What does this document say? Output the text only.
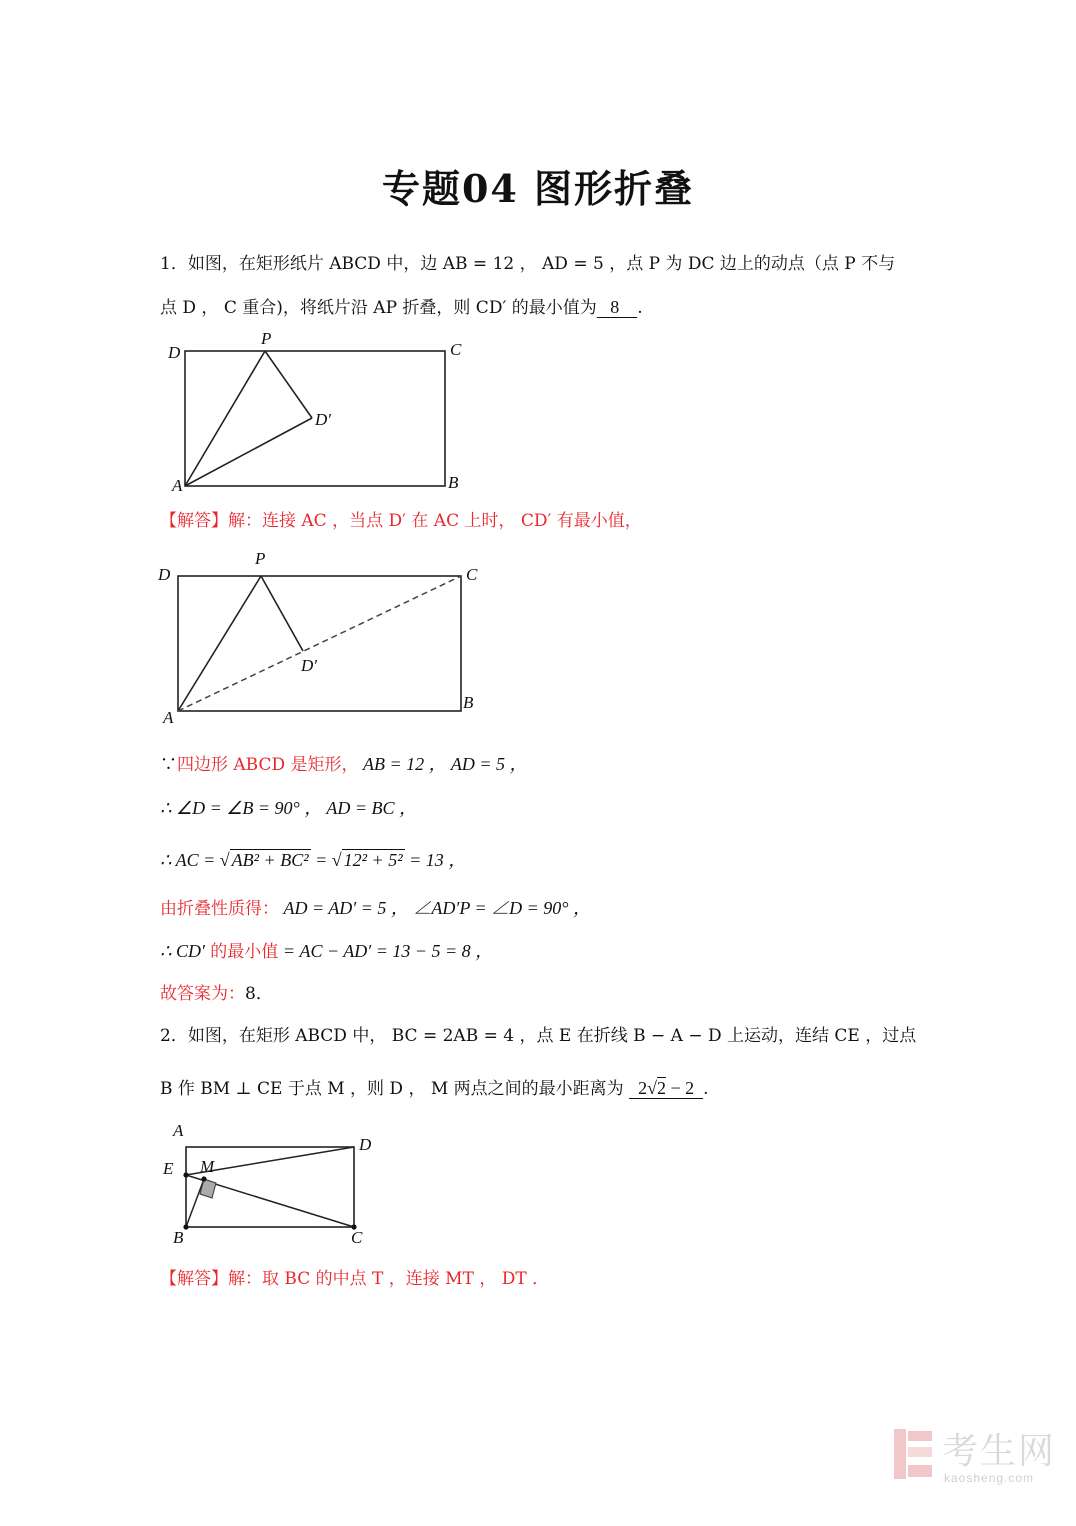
专题04 图形折叠
1．如图，在矩形纸片 ABCD 中，边 AB = 12 ， AD = 5 ，点 P 为 DC 边上的动点（点 P 不与
点 D ， C 重合)，将纸片沿 AP 折叠，则 CD′ 的最小值为   8    .
D	C
P
D′
A	B
【解答】解：连接 AC ，当点 D′ 在 AC 上时， CD′ 有最小值，
D
P
C
D′
A
B
∵四边形 ABCD 是矩形， AB = 12 ， AD = 5 ，
∴ ∠D = ∠B = 90° ， AD = BC ，
∴ AC = √ AB² + BC² = √ 12² + 5² = 13 ，
由折叠性质得： AD = AD′ = 5 ， ∠AD′P = ∠D = 90° ，
∴ CD′ 的最小值 = AC − AD′ = 13 − 5 = 8 ，
故答案为：8．
2．如图，在矩形 ABCD 中， BC = 2AB = 4 ，点 E 在折线 B − A − D 上运动，连结 CE ，过点
B 作 BM ⊥ CE 于点 M ，则 D ， M 两点之间的最小距离为   2√2 − 2  .
A
D
E M
B	C
【解答】解：取 BC 的中点 T ，连接 MT ， DT ．
考生网
kaosheng.com
